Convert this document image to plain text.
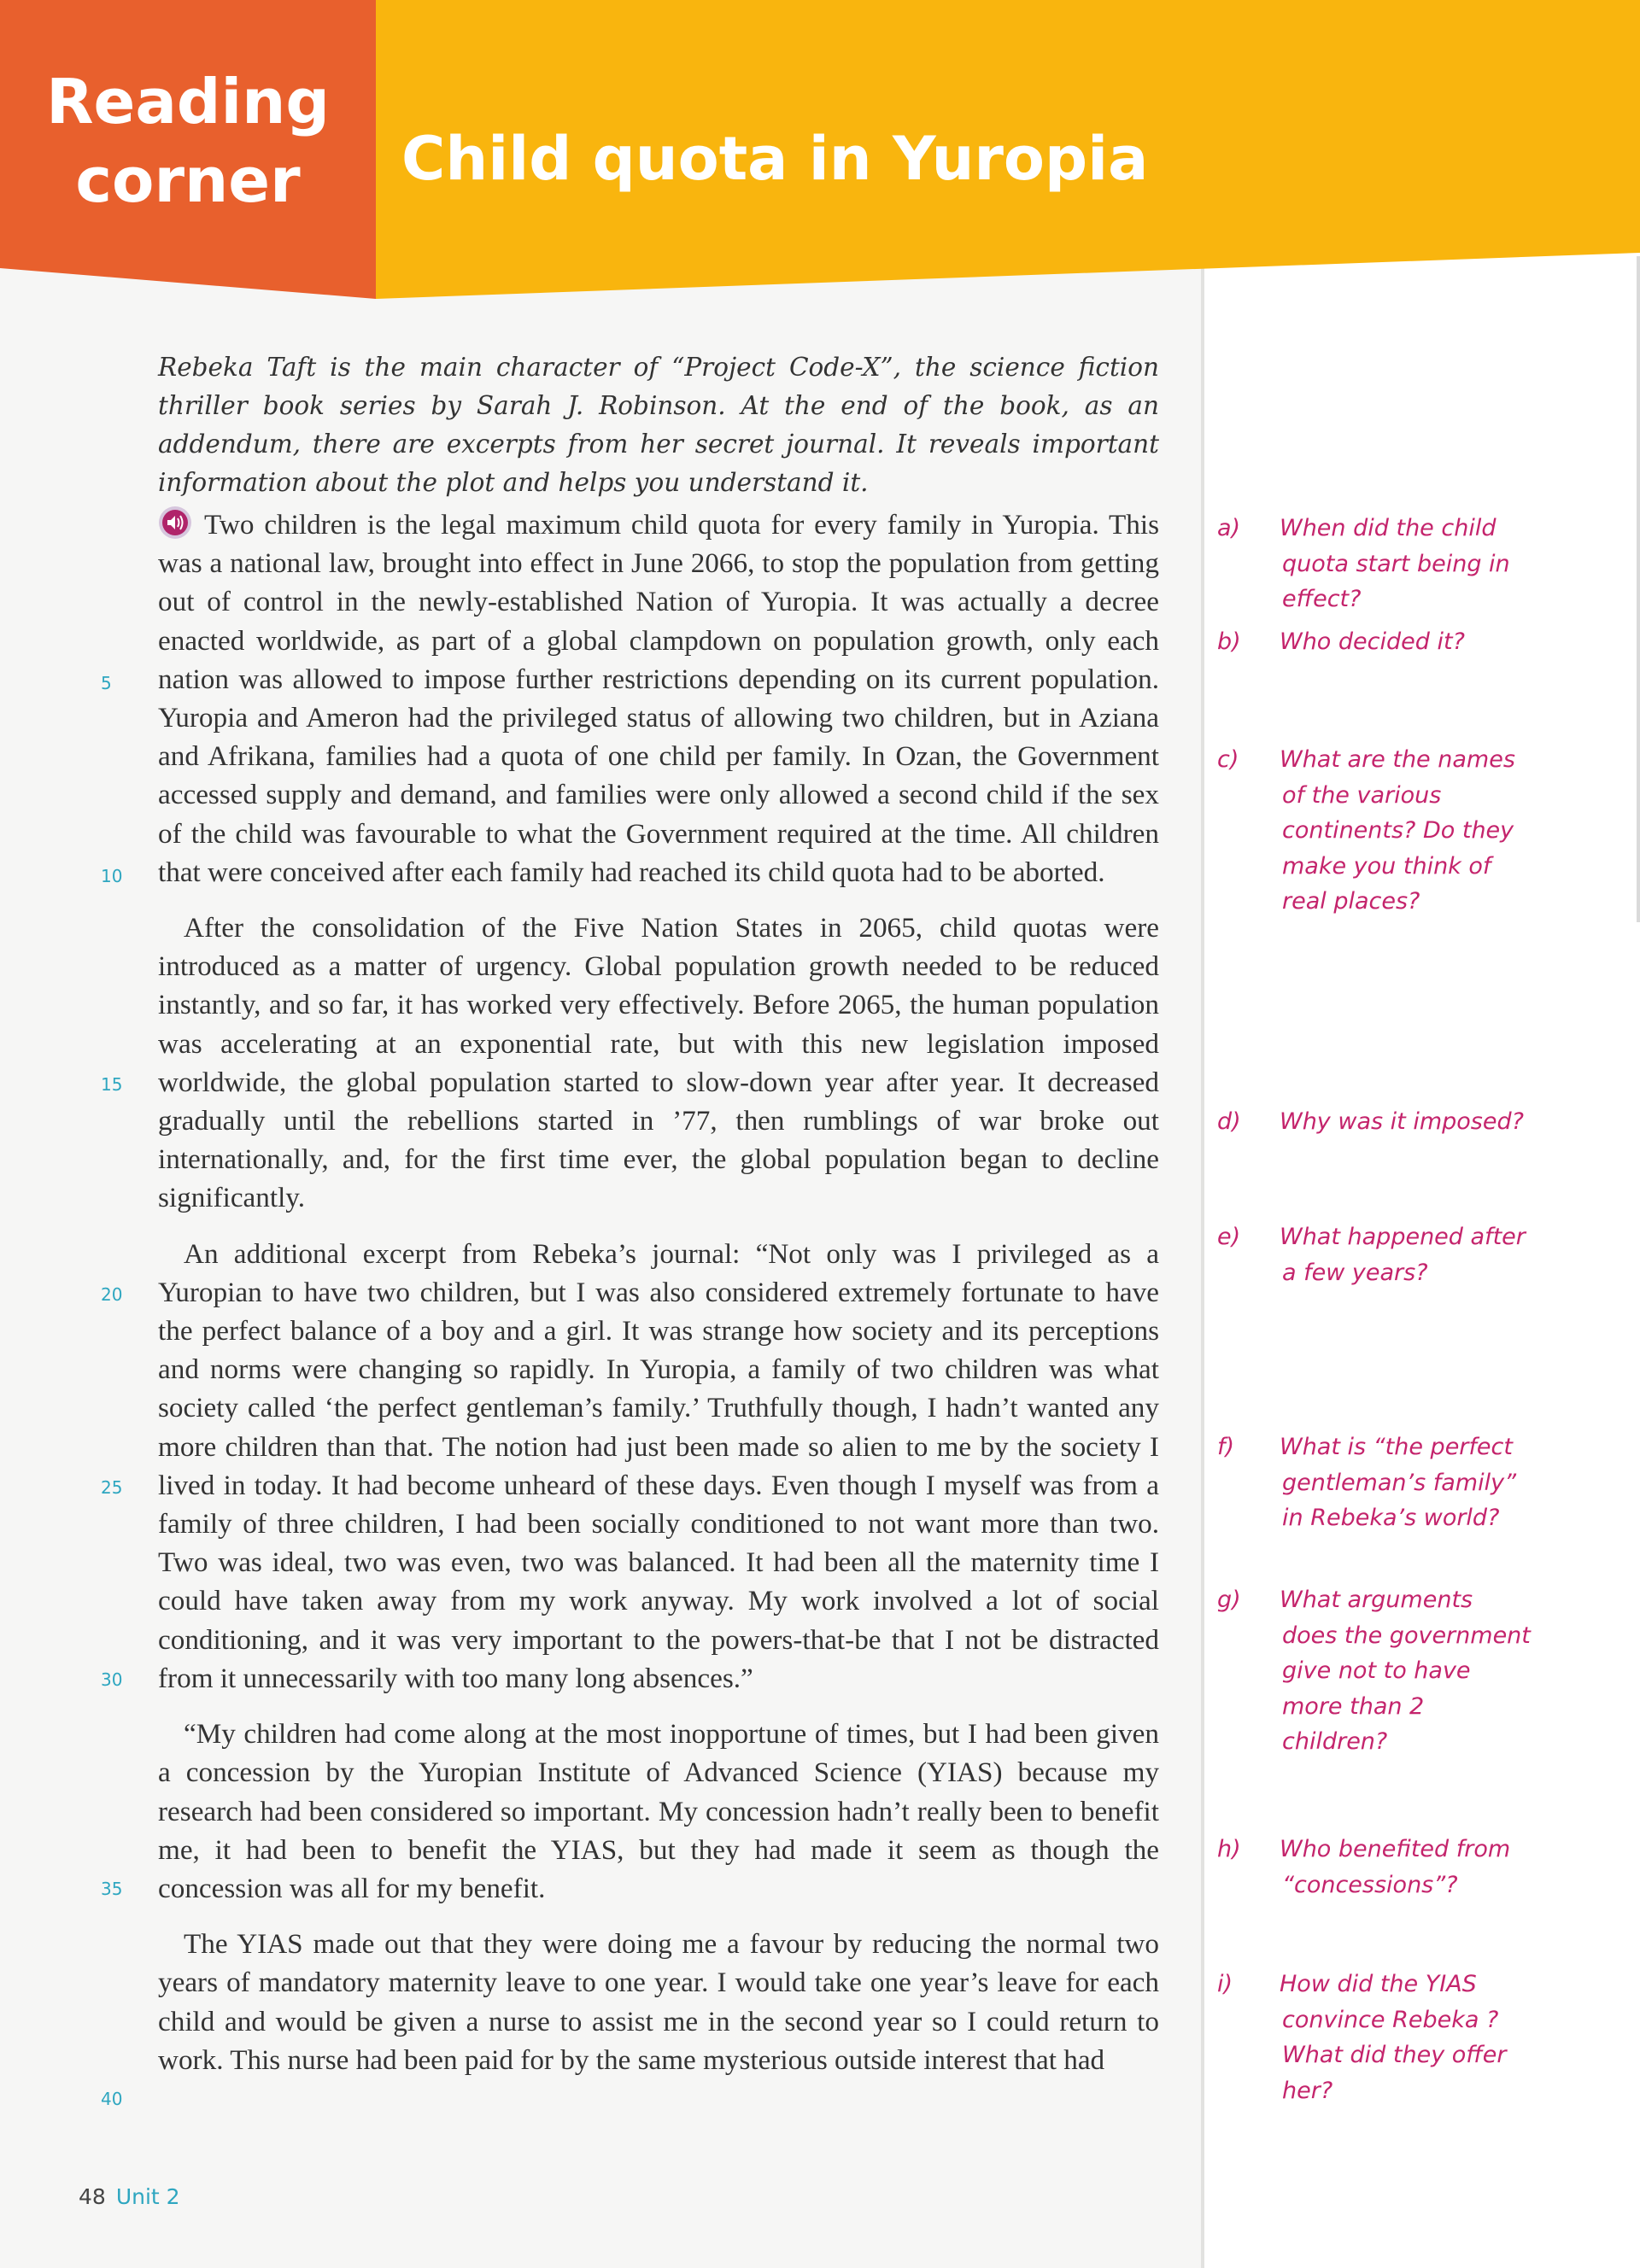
Reading
corner	Child quota in Yuropia
Rebeka Taft is the main character of “Project Code-X”, the science fiction thriller book series by Sarah J. Robinson. At the end of the book, as an addendum, there are excerpts from her secret journal. It reveals important information about the plot and helps you understand it.

Two children is the legal maximum child quota for every family in Yuropia. This was a national law, brought into effect in June 2066, to stop the population from getting out of control in the newly-established Nation of Yuropia. It was actually a decree enacted worldwide, as part of a global clampdown on population growth, only each nation was allowed to impose further restrictions depending on its current population. Yuropia and Ameron had the privileged status of allowing two children, but in Aziana and Afrikana, families had a quota of one child per family. In Ozan, the Government accessed supply and demand, and families were only allowed a second child if the sex of the child was favourable to what the Government required at the time. All children that were conceived after each family had reached its child quota had to be aborted.

After the consolidation of the Five Nation States in 2065, child quotas were introduced as a matter of urgency. Global population growth needed to be reduced instantly, and so far, it has worked very effectively. Before 2065, the human population was accelerating at an exponential rate, but with this new legislation imposed worldwide, the global population started to slow-down year after year. It decreased gradually until the rebellions started in ’77, then rumblings of war broke out internationally, and, for the first time ever, the global population began to decline significantly.

An additional excerpt from Rebeka’s journal: “Not only was I privileged as a Yuropian to have two children, but I was also considered extremely fortunate to have the perfect balance of a boy and a girl. It was strange how society and its perceptions and norms were changing so rapidly. In Yuropia, a family of two children was what society called ‘the perfect gentleman’s family.’ Truthfully though, I hadn’t wanted any more children than that. The notion had just been made so alien to me by the society I lived in today. It had become unheard of these days. Even though I myself was from a family of three children, I had been socially conditioned to not want more than two. Two was ideal, two was even, two was balanced. It had been all the maternity time I could have taken away from my work anyway. My work involved a lot of social conditioning, and it was very important to the powers-that-be that I not be distracted from it unnecessarily with too many long absences.”

“My children had come along at the most inopportune of times, but I had been given a concession by the Yuropian Institute of Advanced Science (YIAS) because my research had been considered so important. My concession hadn’t really been to benefit me, it had been to benefit the YIAS, but they had made it seem as though the concession was all for my benefit.

The YIAS made out that they were doing me a favour by reducing the normal two years of mandatory maternity leave to one year. I would take one year’s leave for each child and would be given a nurse to assist me in the second year so I could return to work. This nurse had been paid for by the same mysterious outside interest that had

5
10
15
20
25
30
35
40
a) When did the child quota start being in effect?
b) Who decided it?
c) What are the names of the various continents? Do they make you think of real places?
d) Why was it imposed?
e) What happened after a few years?
f) What is “the perfect gentleman’s family” in Rebeka’s world?
g) What arguments does the government give not to have more than 2 children?
h) Who benefited from “concessions”?
i) How did the YIAS convince Rebeka ? What did they offer her?
48 Unit 2
